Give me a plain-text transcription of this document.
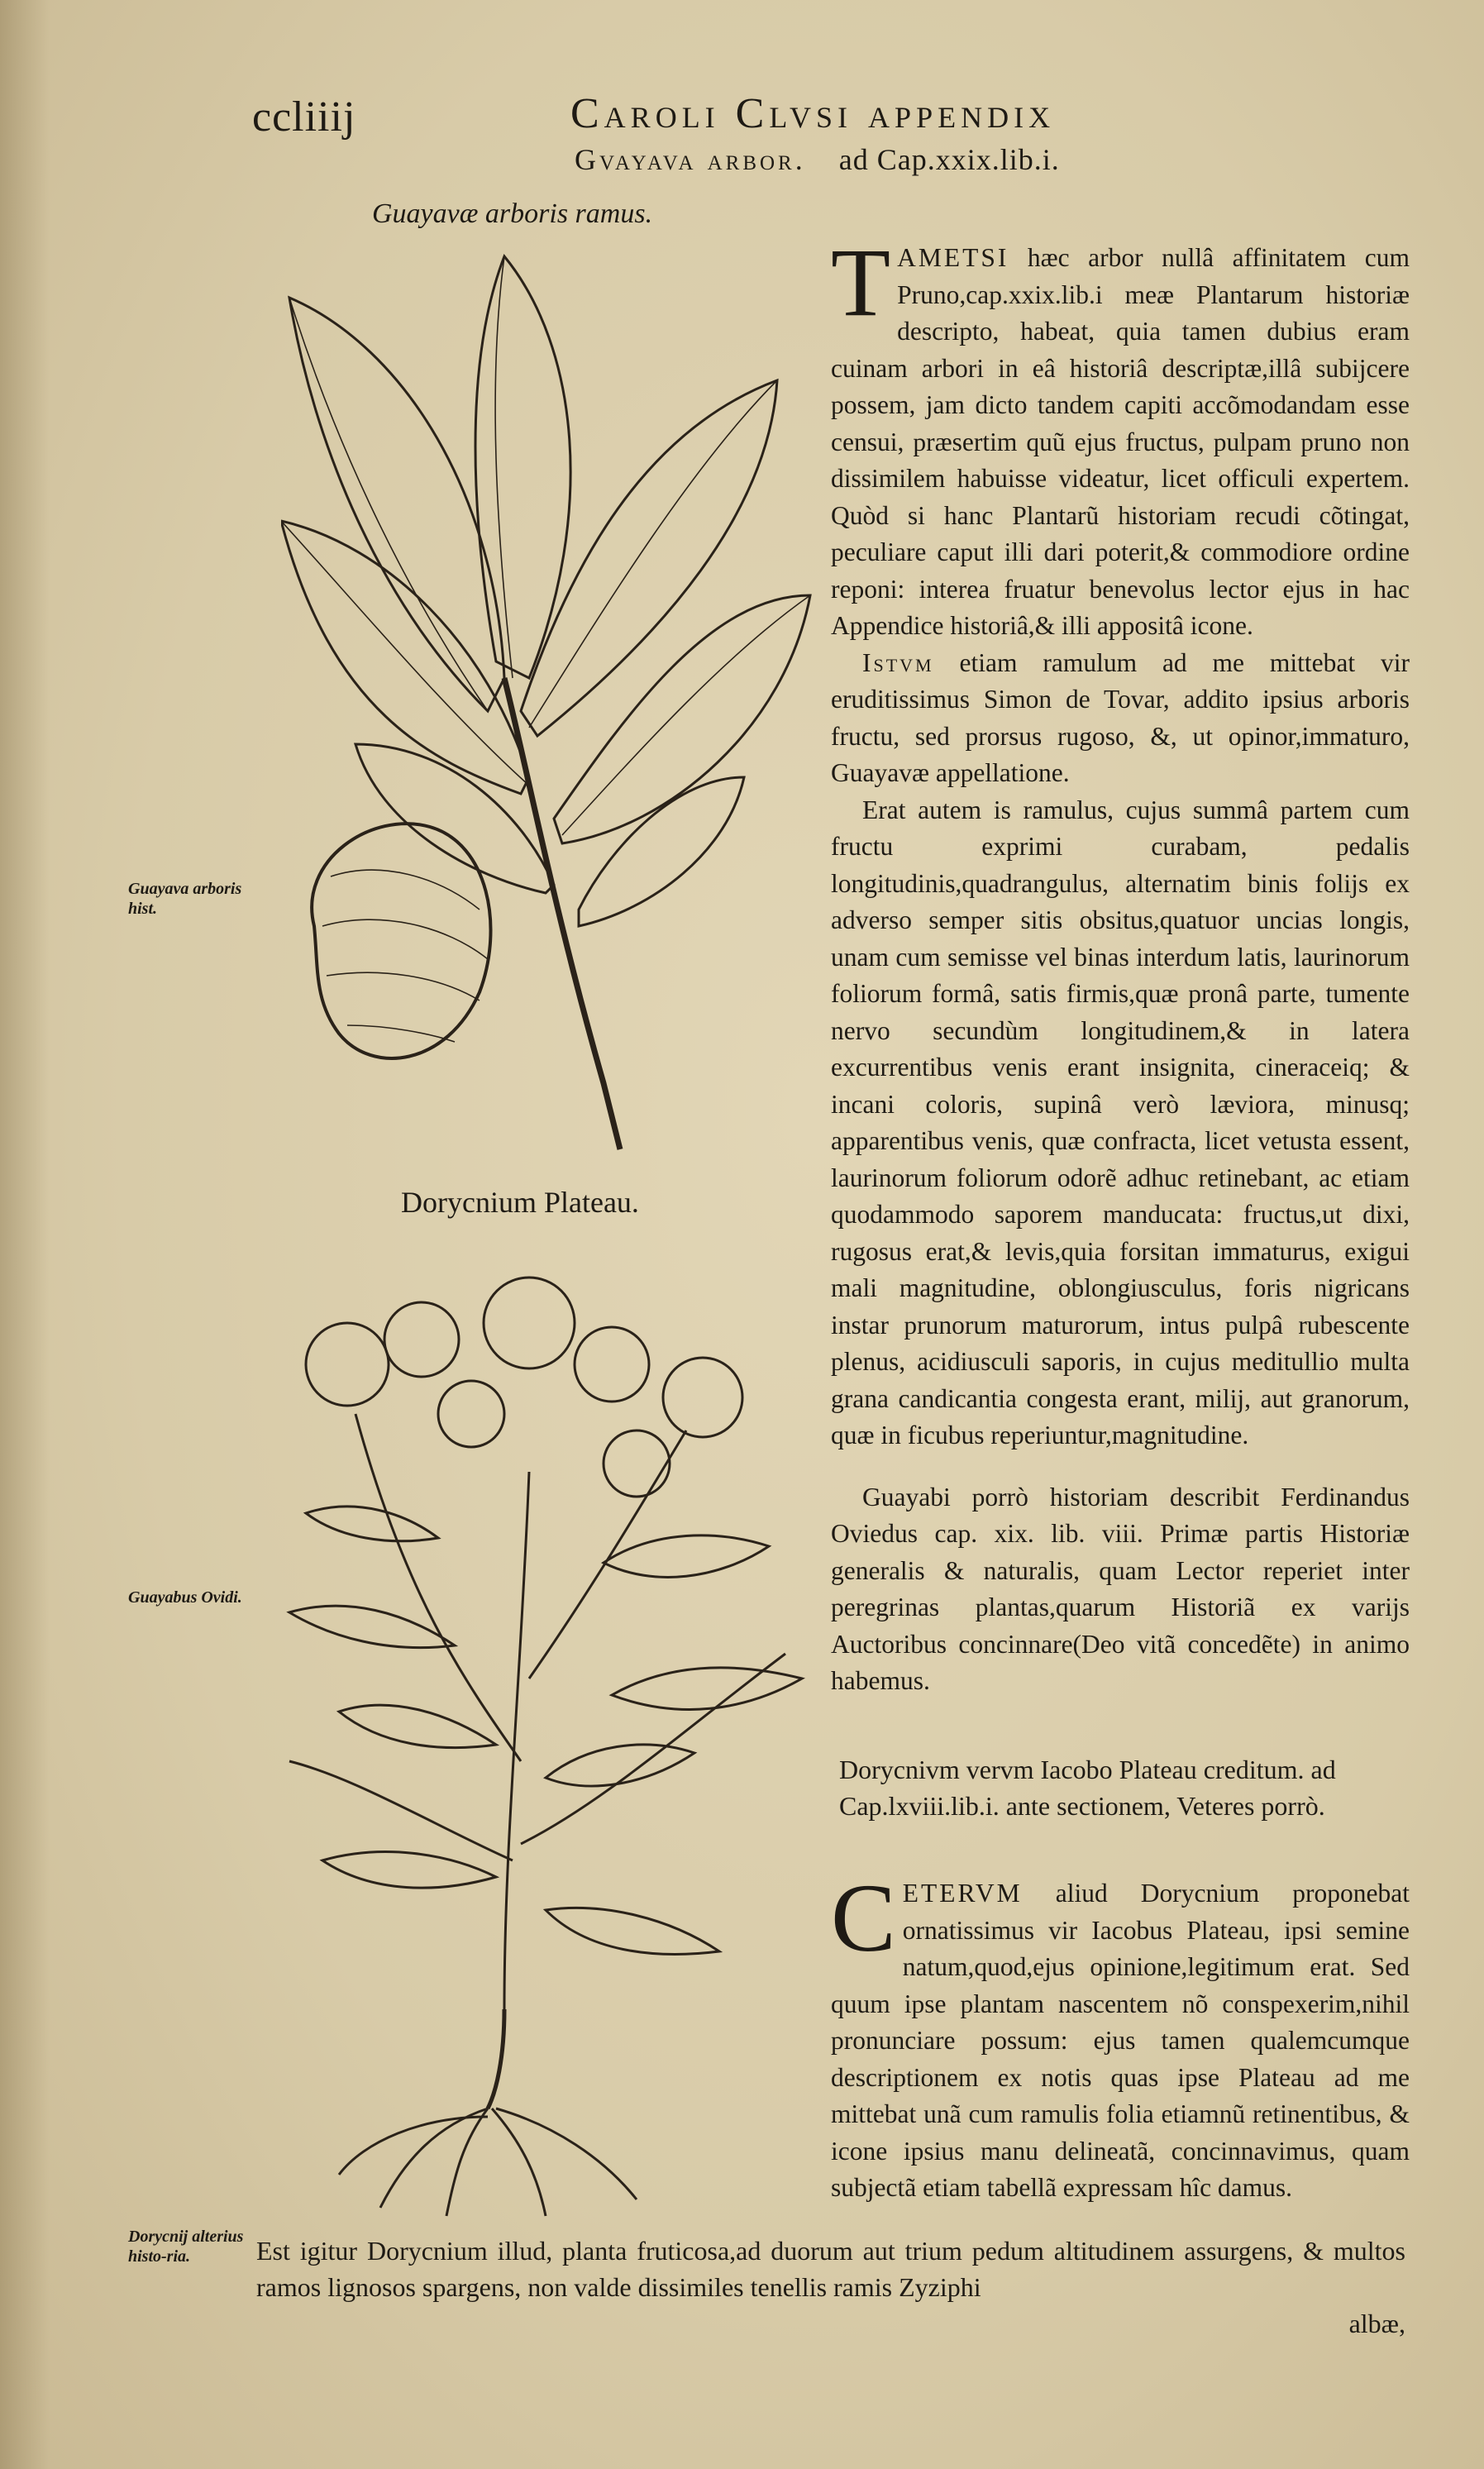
ccliiij	Caroli Clvsi appendix
Gvayava arbor. ad Cap.xxix.lib.i.
Guayavæ arboris ramus.
Guayava arboris hist.
Dorycnium Plateau.
Guayabus Ovidi.
Dorycnij alterius histo-ria.

T AMETSI hæc arbor nullâ affinitatem cum Pruno,cap.xxix.lib.i meæ Plantarum historiæ descripto, habeat, quia tamen dubius eram cuinam arbori in eâ historiâ descriptæ,illâ subijcere possem, jam dicto tandem capiti accõmodandam esse censui, præsertim quũ ejus fructus, pulpam pruno non dissimilem habuisse videatur, licet officuli expertem. Quòd si hanc Plantarũ historiam recudi cõtingat, peculiare caput illi dari poterit,& commodiore ordine reponi: interea fruatur benevolus lector ejus in hac Appendice historiâ,& illi appositâ icone.

Istvm etiam ramulum ad me mittebat vir eruditissimus Simon de Tovar, addito ipsius arboris fructu, sed prorsus rugoso, &, ut opinor,immaturo, Guayavæ appellatione.

Erat autem is ramulus, cujus summâ partem cum fructu exprimi curabam, pedalis longitudinis,quadrangulus, alternatim binis folijs ex adverso semper sitis obsitus,quatuor uncias longis, unam cum semisse vel binas interdum latis, laurinorum foliorum formâ, satis firmis,quæ pronâ parte, tumente nervo secundùm longitudinem,& in latera excurrentibus venis erant insignita, cineraceiq; & incani coloris, supinâ verò læviora, minusq; apparentibus venis, quæ confracta, licet vetusta essent, laurinorum foliorum odorẽ adhuc retinebant, ac etiam quodammodo saporem manducata: fructus,ut dixi, rugosus erat,& levis,quia forsitan immaturus, exigui mali magnitudine, oblongiusculus, foris nigricans instar prunorum maturorum, intus pulpâ rubescente plenus, acidiusculi saporis, in cujus meditullio multa grana candicantia congesta erant, milij, aut granorum, quæ in ficubus reperiuntur,magnitudine.

Guayabi porrò historiam describit Ferdinandus Oviedus cap. xix. lib. viii. Primæ partis Historiæ generalis & naturalis, quam Lector reperiet inter peregrinas plantas,quarum Historiã ex varijs Auctoribus concinnare(Deo vitã concedẽte) in animo habemus.

Dorycnivm vervm Iacobo Plateau creditum. ad Cap.lxviii.lib.i. ante sectionem, Veteres porrò.

C ETERVM aliud Dorycnium proponebat ornatissimus vir Iacobus Plateau, ipsi semine natum,quod,ejus opinione,legitimum erat. Sed quum ipse plantam nascentem nõ conspexerim,nihil pronunciare possum: ejus tamen qualemcumque descriptionem ex notis quas ipse Plateau ad me mittebat unã cum ramulis folia etiamnũ retinentibus, & icone ipsius manu delineatã, concinnavimus, quam subjectã etiam tabellã expressam hîc damus.

Est igitur Dorycnium illud, planta fruticosa,ad duorum aut trium pedum altitudinem assurgens, & multos ramos lignosos spargens, non valde dissimiles tenellis ramis Zyziphi
albæ,
